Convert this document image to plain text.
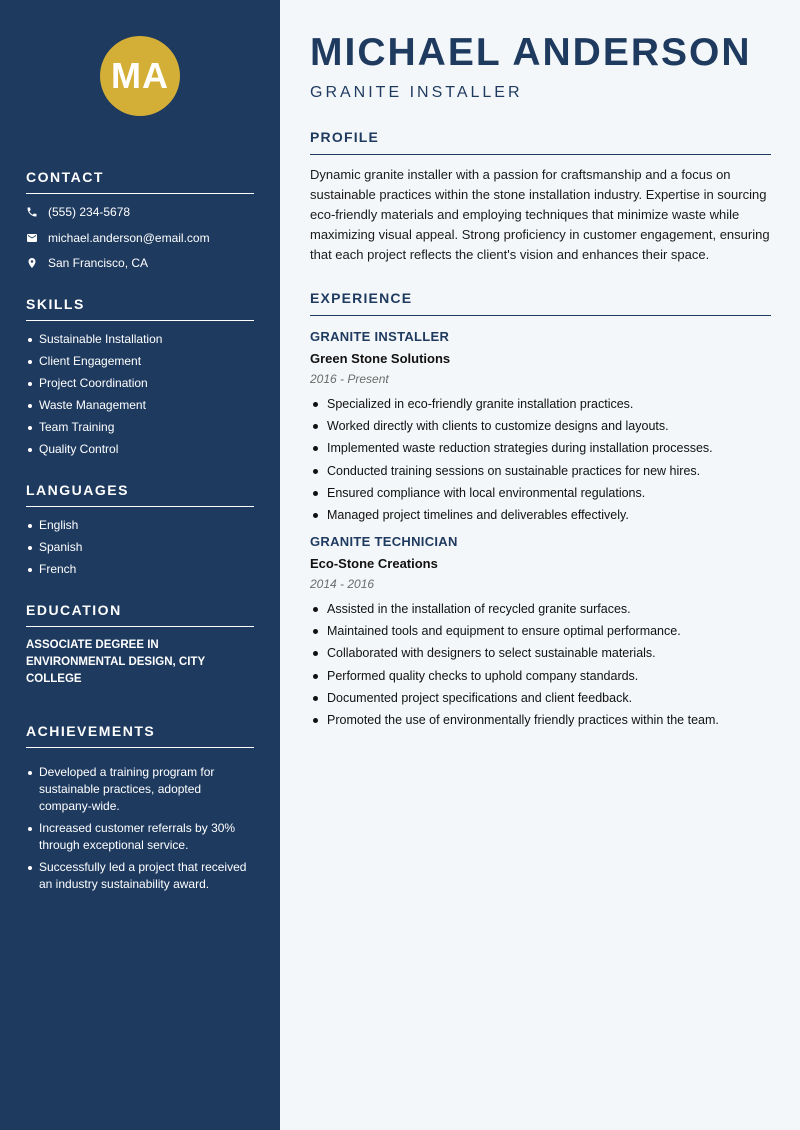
MA
CONTACT
(555) 234-5678
michael.anderson@email.com
San Francisco, CA
SKILLS
Sustainable Installation
Client Engagement
Project Coordination
Waste Management
Team Training
Quality Control
LANGUAGES
English
Spanish
French
EDUCATION

ASSOCIATE DEGREE IN ENVIRONMENTAL DESIGN, CITY COLLEGE

ACHIEVEMENTS
Developed a training program for sustainable practices, adopted company-wide.
Increased customer referrals by 30% through exceptional service.
Successfully led a project that received an industry sustainability award.
MICHAEL ANDERSON
GRANITE INSTALLER
PROFILE

Dynamic granite installer with a passion for craftsmanship and a focus on sustainable practices within the stone installation industry. Expertise in sourcing eco-friendly materials and employing techniques that minimize waste while maximizing visual appeal. Strong proficiency in customer engagement, ensuring that each project reflects the client's vision and enhances their space.

EXPERIENCE
GRANITE INSTALLER
Green Stone Solutions
2016 - Present
Specialized in eco-friendly granite installation practices.
Worked directly with clients to customize designs and layouts.
Implemented waste reduction strategies during installation processes.
Conducted training sessions on sustainable practices for new hires.
Ensured compliance with local environmental regulations.
Managed project timelines and deliverables effectively.
GRANITE TECHNICIAN
Eco-Stone Creations
2014 - 2016
Assisted in the installation of recycled granite surfaces.
Maintained tools and equipment to ensure optimal performance.
Collaborated with designers to select sustainable materials.
Performed quality checks to uphold company standards.
Documented project specifications and client feedback.
Promoted the use of environmentally friendly practices within the team.
